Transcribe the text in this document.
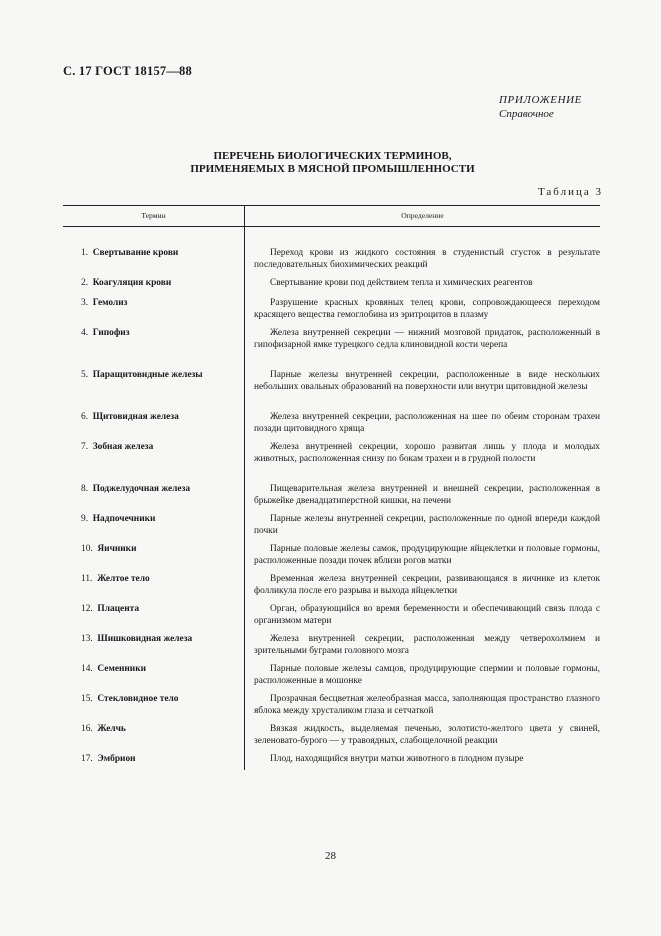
С. 17 ГОСТ 18157—88
ПРИЛОЖЕНИЕ
Справочное
ПЕРЕЧЕНЬ БИОЛОГИЧЕСКИХ ТЕРМИНОВ,
ПРИМЕНЯЕМЫХ В МЯСНОЙ ПРОМЫШЛЕННОСТИ
Таблица 3
Термин	Определение
1. Свертывание крови	Переход крови из жидкого состояния в студенистый сгусток в результате последовательных биохимических реакций
2. Коагуляция крови	Свертывание крови под действием тепла и химических реагентов
3. Гемолиз	Разрушение красных кровяных телец крови, сопровождающееся переходом красящего вещества гемоглобина из эритроцитов в плазму
4. Гипофиз	Железа внутренней секреции — нижний мозговой придаток, расположенный в гипофизарной ямке турецкого седла клиновидной кости черепа
5. Паращитовидные железы	Парные железы внутренней секреции, расположенные в виде нескольких небольших овальных образований на поверхности или внутри щитовидной железы
6. Щитовидная железа	Железа внутренней секреции, расположенная на шее по обеим сторонам трахеи позади щитовидного хряща
7. Зобная железа	Железа внутренней секреции, хорошо развитая лишь у плода и молодых животных, расположенная снизу по бокам трахеи и в грудной полости
8. Поджелудочная железа	Пищеварительная железа внутренней и внешней секреции, расположенная в брыжейке двенадцатиперстной кишки, на печени
9. Надпочечники	Парные железы внутренней секреции, расположенные по одной впереди каждой почки
10. Яичники	Парные половые железы самок, продуцирующие яйцеклетки и половые гормоны, расположенные позади почек вблизи рогов матки
11. Желтое тело	Временная железа внутренней секреции, развивающаяся в яичнике из клеток фолликула после его разрыва и выхода яйцеклетки
12. Плацента	Орган, образующийся во время беременности и обеспечивающий связь плода с организмом матери
13. Шишковидная железа	Железа внутренней секреции, расположенная между четверохолмием и зрительными буграми головного мозга
14. Семенники	Парные половые железы самцов, продуцирующие спермии и половые гормоны, расположенные в мошонке
15. Стекловидное тело	Прозрачная бесцветная желеобразная масса, заполняющая пространство глазного яблока между хрусталиком глаза и сетчаткой
16. Желчь	Вязкая жидкость, выделяемая печенью, золотисто-желтого цвета у свиней, зеленовато-бурого — у травоядных, слабощелочной реакции
17. Эмбрион	Плод, находящийся внутри матки животного в плодном пузыре
28
